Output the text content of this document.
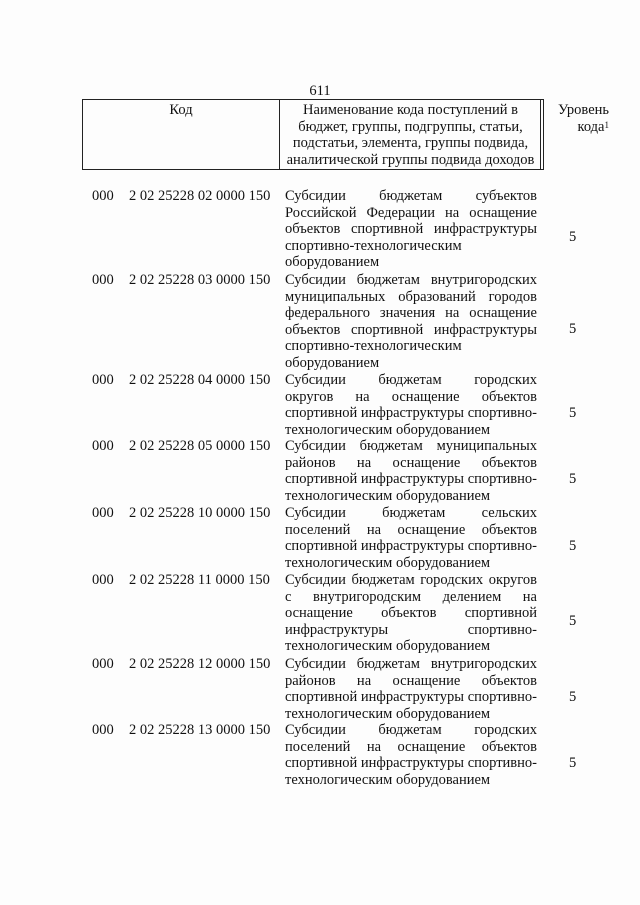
611
Код	Наименование кода поступлений в
бюджет, группы, подгруппы, статьи,
подстатьи, элемента, группы подвида,
аналитической группы подвида доходов
Уровень
кода$^1$
000 2 02 25228 02 0000 150 Субсидии бюджетам субъектов
Российской Федерации на оснащение
объектов спортивной инфраструктуры
спортивно-технологическим
оборудованием
5
000 2 02 25228 03 0000 150 Субсидии бюджетам внутригородских
муниципальных образований городов
федерального значения на оснащение
объектов спортивной инфраструктуры
спортивно-технологическим
оборудованием
5
000 2 02 25228 04 0000 150 Субсидии бюджетам городских
округов на оснащение объектов
спортивной инфраструктуры спортивно-
технологическим оборудованием
5
000 2 02 25228 05 0000 150 Субсидии бюджетам муниципальных
районов на оснащение объектов
спортивной инфраструктуры спортивно-
технологическим оборудованием
5
000 2 02 25228 10 0000 150 Субсидии бюджетам сельских
поселений на оснащение объектов
спортивной инфраструктуры спортивно-
технологическим оборудованием
5
000 2 02 25228 11 0000 150 Субсидии бюджетам городских округов
с внутригородским делением на
оснащение объектов спортивной
инфраструктуры спортивно-
технологическим оборудованием
5
000 2 02 25228 12 0000 150 Субсидии бюджетам внутригородских
районов на оснащение объектов
спортивной инфраструктуры спортивно-
технологическим оборудованием
5
000 2 02 25228 13 0000 150 Субсидии бюджетам городских
поселений на оснащение объектов
спортивной инфраструктуры спортивно-
технологическим оборудованием
5
